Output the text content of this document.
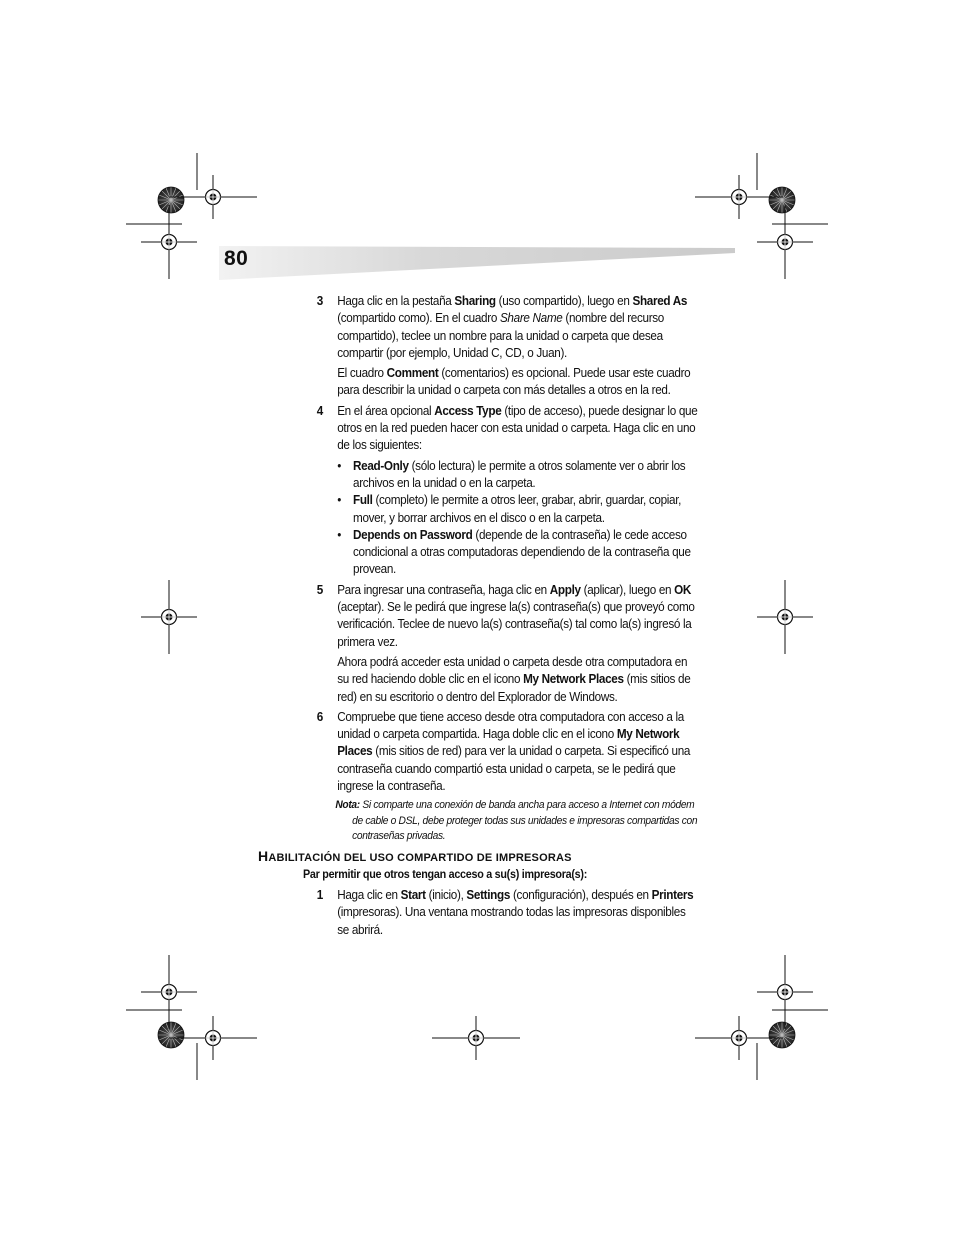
80

3 Haga clic en la pestaña Sharing (uso compartido), luego en Shared As (compartido como). En el cuadro Share Name (nombre del recurso compartido), teclee un nombre para la unidad o carpeta que desea compartir (por ejemplo, Unidad C, CD, o Juan).

El cuadro Comment (comentarios) es opcional. Puede usar este cuadro para describir la unidad o carpeta con más detalles a otros en la red.

4 En el área opcional Access Type (tipo de acceso), puede designar lo que otros en la red pueden hacer con esta unidad o carpeta. Haga clic en uno de los siguientes:

• Read-Only (sólo lectura) le permite a otros solamente ver o abrir los archivos en la unidad o en la carpeta.
• Full (completo) le permite a otros leer, grabar, abrir, guardar, copiar, mover, y borrar archivos en el disco o en la carpeta.
• Depends on Password (depende de la contraseña) le cede acceso condicional a otras computadoras dependiendo de la contraseña que provean.

5 Para ingresar una contraseña, haga clic en Apply (aplicar), luego en OK (aceptar). Se le pedirá que ingrese la(s) contraseña(s) que proveyó como verificación. Teclee de nuevo la(s) contraseña(s) tal como la(s) ingresó la primera vez.

Ahora podrá acceder esta unidad o carpeta desde otra computadora en su red haciendo doble clic en el icono My Network Places (mis sitios de red) en su escritorio o dentro del Explorador de Windows.

6 Compruebe que tiene acceso desde otra computadora con acceso a la unidad o carpeta compartida. Haga doble clic en el icono My Network Places (mis sitios de red) para ver la unidad o carpeta. Si especificó una contraseña cuando compartió esta unidad o carpeta, se le pedirá que ingrese la contraseña.

Nota: Si comparte una conexión de banda ancha para acceso a Internet con módem de cable o DSL, debe proteger todas sus unidades e impresoras compartidas con contraseñas privadas.

HABILITACIÓN DEL USO COMPARTIDO DE IMPRESORAS
Par permitir que otros tengan acceso a su(s) impresora(s):

1 Haga clic en Start (inicio), Settings (configuración), después en Printers (impresoras). Una ventana mostrando todas las impresoras disponibles se abrirá.
